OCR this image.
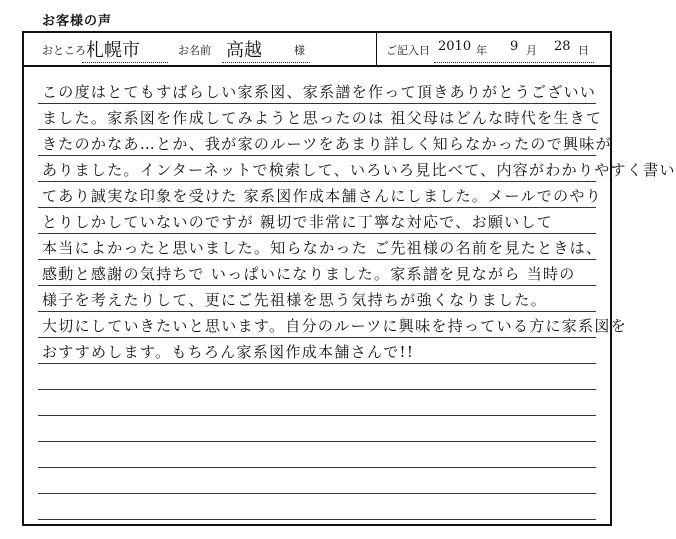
お客様の声
おところ 札幌市	お名前 高越	様	ご記入日 2010 年 9 月 28 日
この度はとてもすばらしい家系図、家系譜を作って頂きありがとうございい
ました。家系図を作成してみようと思ったのは 祖父母はどんな時代を生きて
きたのかなあ…とか、我が家のルーツをあまり詳しく知らなかったので興味が
ありました。インターネットで検索して、いろいろ見比べて、内容がわかりやすく書い
てあり誠実な印象を受けた 家系図作成本舗さんにしました。メールでのやり
とりしかしていないのですが 親切で非常に丁寧な対応で、お願いして
本当によかったと思いました。知らなかった ご先祖様の名前を見たときは、
感動と感謝の気持ちで いっぱいになりました。家系譜を見ながら 当時の
様子を考えたりして、更にご先祖様を思う気持ちが強くなりました。
大切にしていきたいと思います。自分のルーツに興味を持っている方に家系図を
おすすめします。もちろん家系図作成本舗さんで!!
